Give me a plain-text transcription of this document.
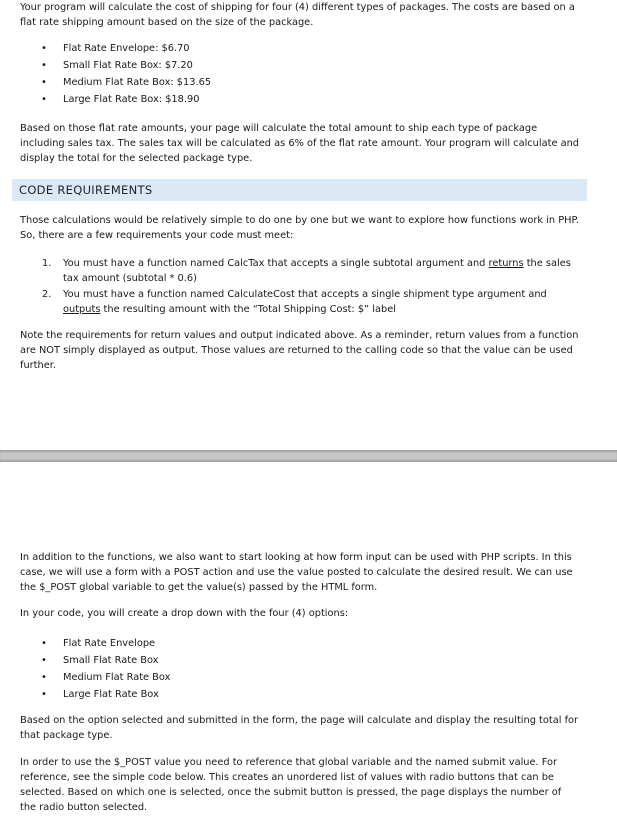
Your program will calculate the cost of shipping for four (4) different types of packages. The costs are based on a flat rate shipping amount based on the size of the package.

• Flat Rate Envelope: $6.70
• Small Flat Rate Box: $7.20
• Medium Flat Rate Box: $13.65
• Large Flat Rate Box: $18.90

Based on those flat rate amounts, your page will calculate the total amount to ship each type of package including sales tax. The sales tax will be calculated as 6% of the flat rate amount. Your program will calculate and display the total for the selected package type.

CODE REQUIREMENTS

Those calculations would be relatively simple to do one by one but we want to explore how functions work in PHP. So, there are a few requirements your code must meet:

1. You must have a function named CalcTax that accepts a single subtotal argument and returns the sales tax amount (subtotal * 0.6)
2. You must have a function named CalculateCost that accepts a single shipment type argument and outputs the resulting amount with the “Total Shipping Cost: $” label

Note the requirements for return values and output indicated above. As a reminder, return values from a function are NOT simply displayed as output. Those values are returned to the calling code so that the value can be used further.

In addition to the functions, we also want to start looking at how form input can be used with PHP scripts. In this case, we will use a form with a POST action and use the value posted to calculate the desired result. We can use the $_POST global variable to get the value(s) passed by the HTML form.

In your code, you will create a drop down with the four (4) options:

• Flat Rate Envelope
• Small Flat Rate Box
• Medium Flat Rate Box
• Large Flat Rate Box

Based on the option selected and submitted in the form, the page will calculate and display the resulting total for that package type.

In order to use the $_POST value you need to reference that global variable and the named submit value. For reference, see the simple code below. This creates an unordered list of values with radio buttons that can be selected. Based on which one is selected, once the submit button is pressed, the page displays the number of the radio button selected.
